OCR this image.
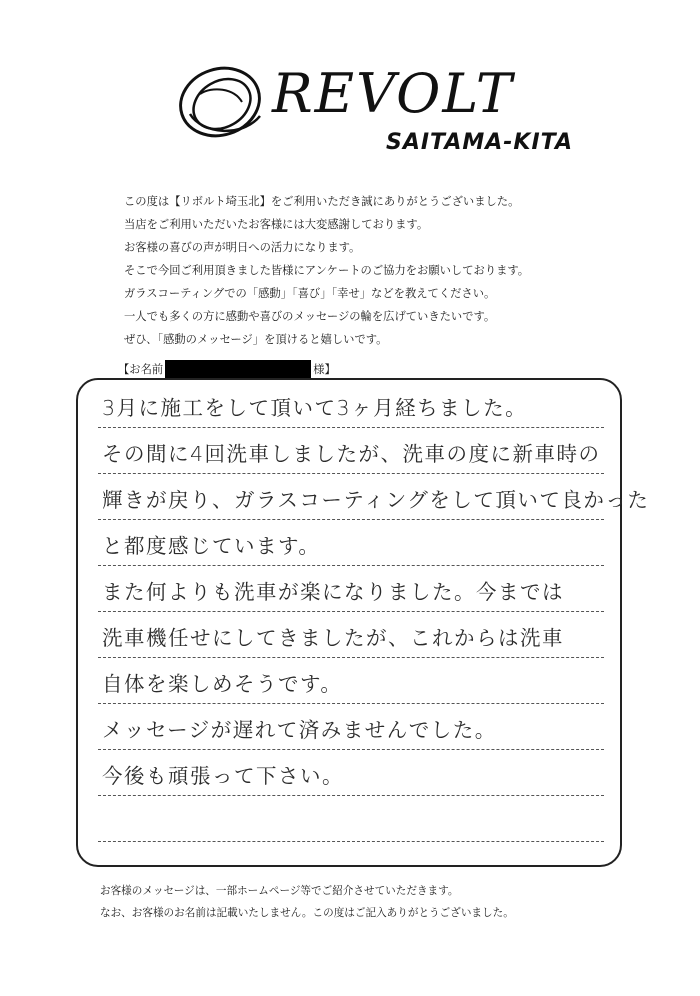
REVOLT
SAITAMA-KITA

この度は【リボルト埼玉北】をご利用いただき誠にありがとうございました。

当店をご利用いただいたお客様には大変感謝しております。

お客様の喜びの声が明日への活力になります。

そこで今回ご利用頂きました皆様にアンケートのご協力をお願いしております。

ガラスコーティングでの「感動」「喜び」「幸せ」などを教えてください。

一人でも多くの方に感動や喜びのメッセージの輪を広げていきたいです。

ぜひ、「感動のメッセージ」を頂けると嬉しいです。

【お名前	様】
3月に施工をして頂いて3ヶ月経ちました。
その間に4回洗車しましたが、洗車の度に新車時の
輝きが戻り、ガラスコーティングをして頂いて良かった
と都度感じています。
また何よりも洗車が楽になりました。今までは
洗車機任せにしてきましたが、これからは洗車
自体を楽しめそうです。
メッセージが遅れて済みませんでした。
今後も頑張って下さい。

お客様のメッセージは、一部ホームページ等でご紹介させていただきます。

なお、お客様のお名前は記載いたしません。この度はご記入ありがとうございました。
